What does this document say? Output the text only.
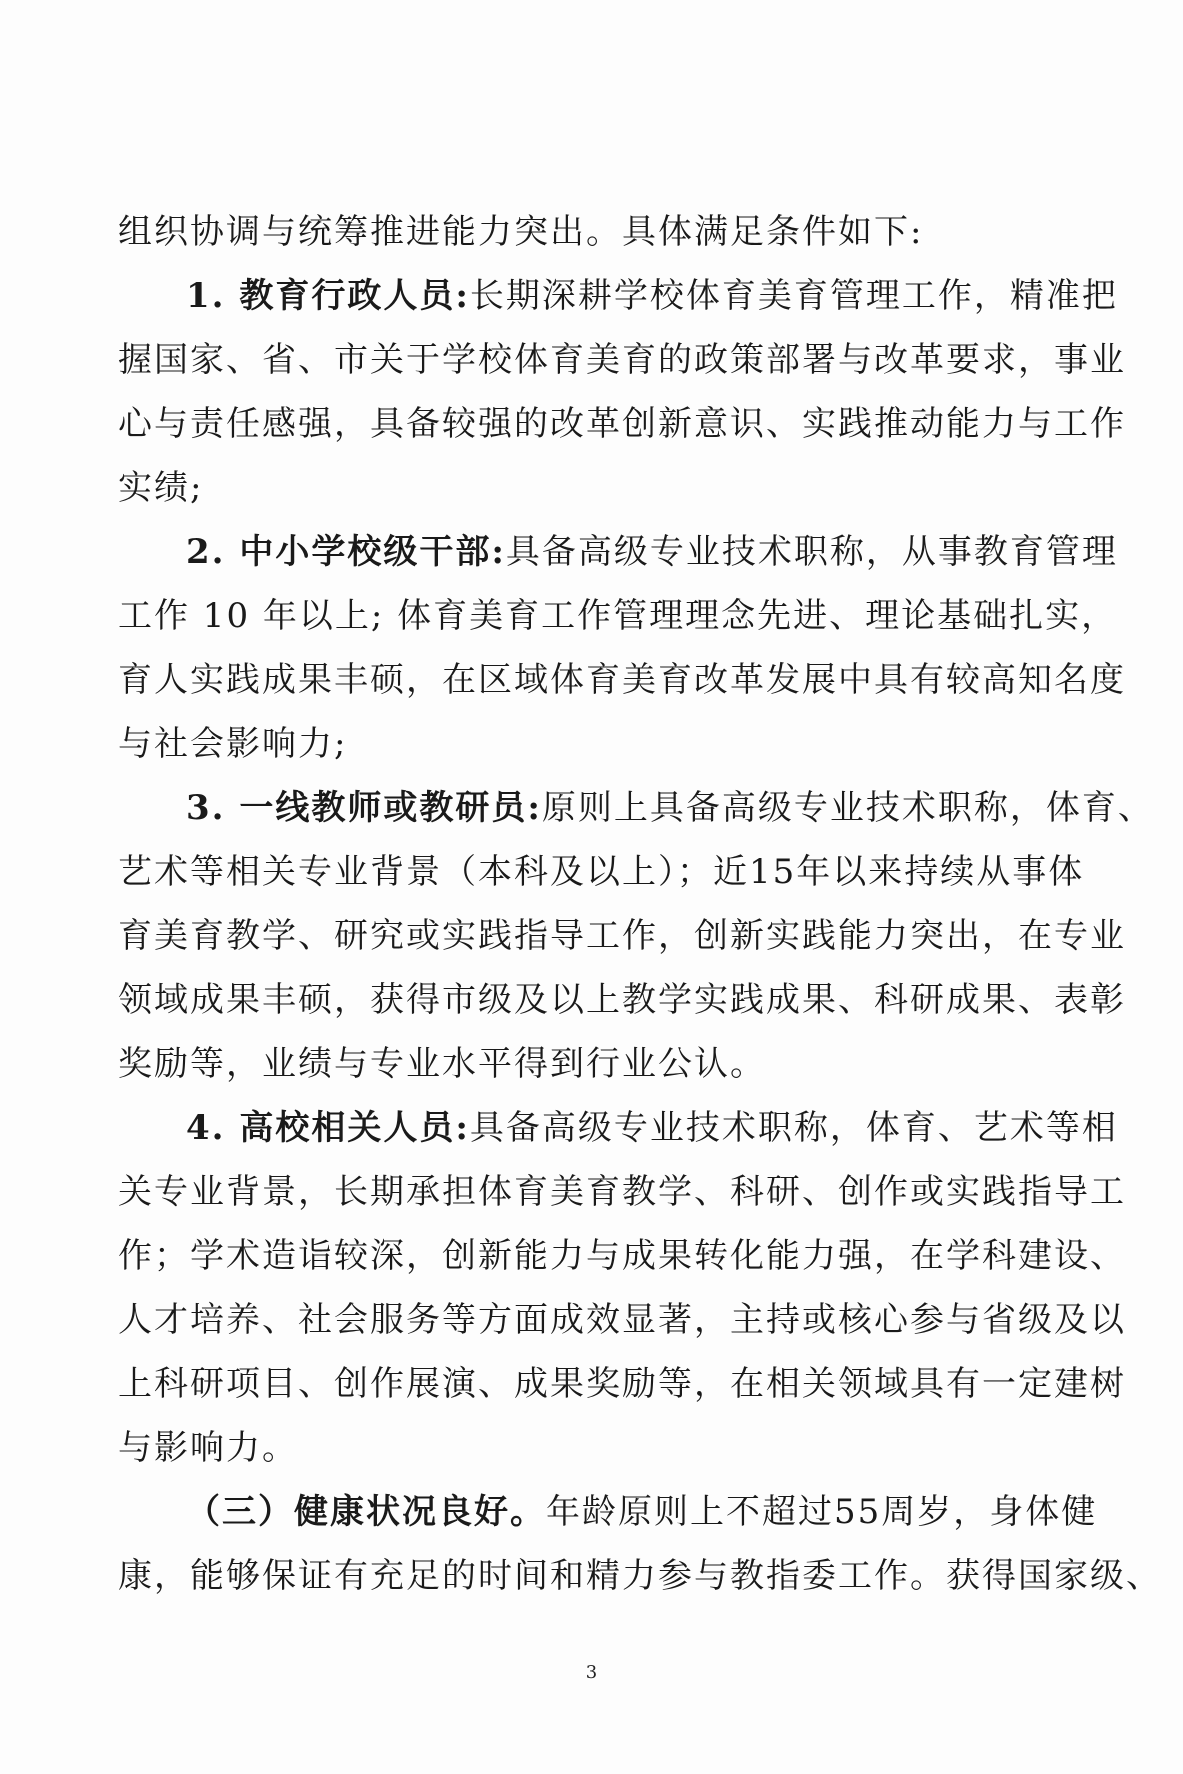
组织协调与统筹推进能力突出。具体满足条件如下:
1. 教育行政人员:长期深耕学校体育美育管理工作，精准把
握国家、省、市关于学校体育美育的政策部署与改革要求，事业
心与责任感强，具备较强的改革创新意识、实践推动能力与工作
实绩;
2. 中小学校级干部:具备高级专业技术职称，从事教育管理
工作 10 年以上; 体育美育工作管理理念先进、理论基础扎实，
育人实践成果丰硕，在区域体育美育改革发展中具有较高知名度
与社会影响力;
3. 一线教师或教研员:原则上具备高级专业技术职称，体育、
艺术等相关专业背景（本科及以上）；近15年以来持续从事体
育美育教学、研究或实践指导工作，创新实践能力突出，在专业
领域成果丰硕，获得市级及以上教学实践成果、科研成果、表彰
奖励等，业绩与专业水平得到行业公认。
4. 高校相关人员:具备高级专业技术职称，体育、艺术等相
关专业背景，长期承担体育美育教学、科研、创作或实践指导工
作；学术造诣较深，创新能力与成果转化能力强，在学科建设、
人才培养、社会服务等方面成效显著，主持或核心参与省级及以
上科研项目、创作展演、成果奖励等，在相关领域具有一定建树
与影响力。
（三）健康状况良好。年龄原则上不超过55周岁，身体健
康，能够保证有充足的时间和精力参与教指委工作。获得国家级、
3
